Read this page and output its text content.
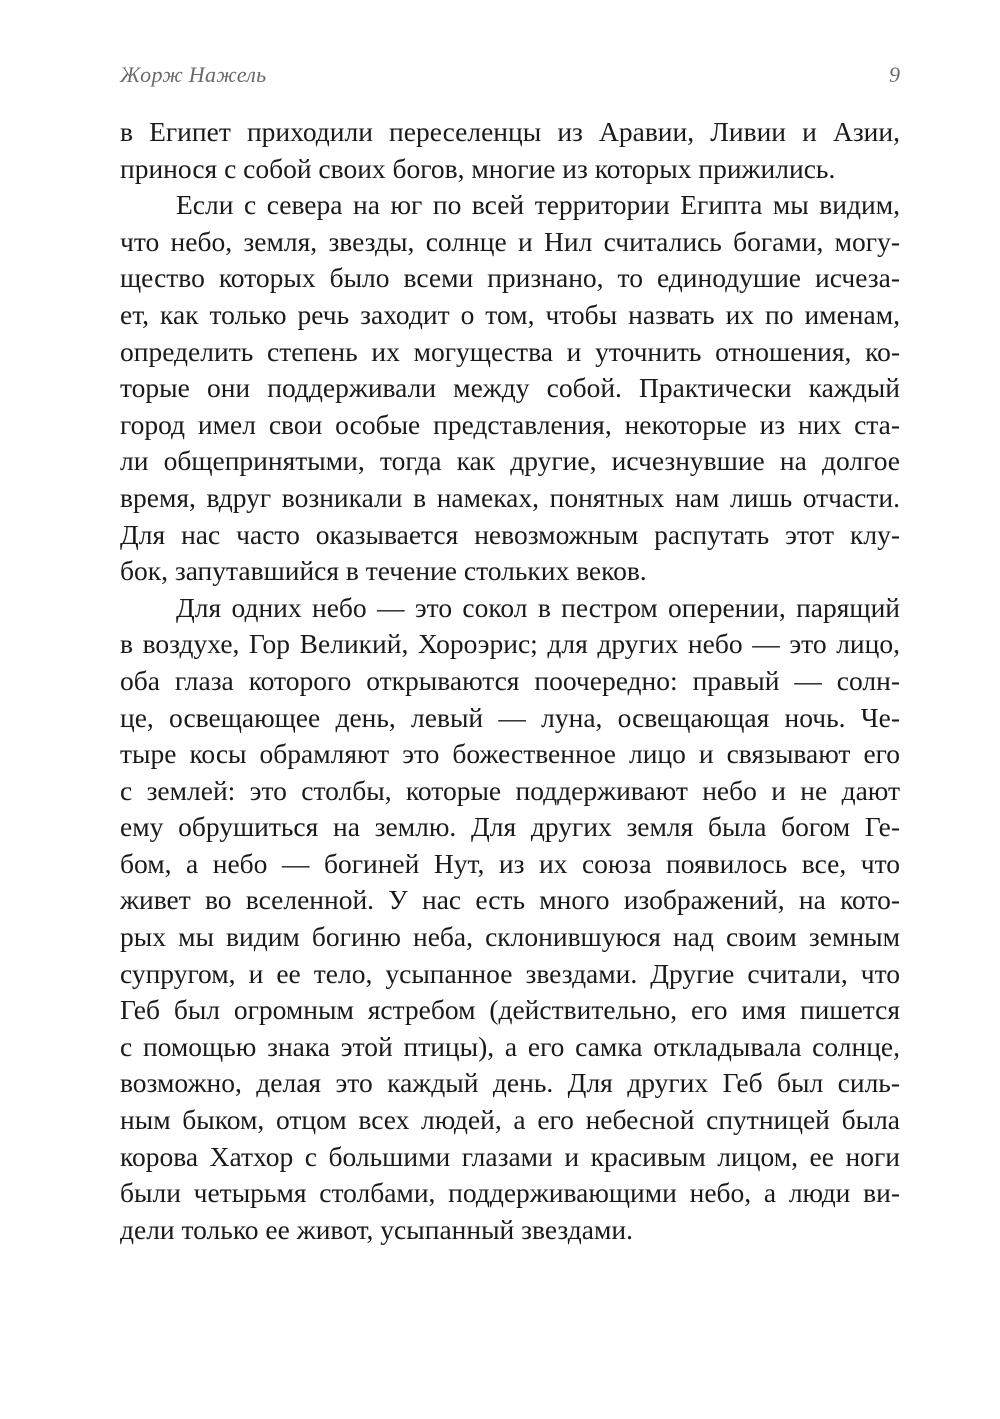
Жорж Нажель	9
в Египет приходили переселенцы из Аравии, Ливии и Азии,
принося с собой своих богов, многие из которых прижились.
Если с севера на юг по всей территории Египта мы видим,
что небо, земля, звезды, солнце и Нил считались богами, могу-
щество которых было всеми признано, то единодушие исчеза-
ет, как только речь заходит о том, чтобы назвать их по именам,
определить степень их могущества и уточнить отношения, ко-
торые они поддерживали между собой. Практически каждый
город имел свои особые представления, некоторые из них ста-
ли общепринятыми, тогда как другие, исчезнувшие на долгое
время, вдруг возникали в намеках, понятных нам лишь отчасти.
Для нас часто оказывается невозможным распутать этот клу-
бок, запутавшийся в течение стольких веков.
Для одних небо — это сокол в пестром оперении, парящий
в воздухе, Гор Великий, Хороэрис; для других небо — это лицо,
оба глаза которого открываются поочередно: правый — солн-
це, освещающее день, левый — луна, освещающая ночь. Че-
тыре косы обрамляют это божественное лицо и связывают его
с землей: это столбы, которые поддерживают небо и не дают
ему обрушиться на землю. Для других земля была богом Ге-
бом, а небо — богиней Нут, из их союза появилось все, что
живет во вселенной. У нас есть много изображений, на кото-
рых мы видим богиню неба, склонившуюся над своим земным
супругом, и ее тело, усыпанное звездами. Другие считали, что
Геб был огромным ястребом (действительно, его имя пишется
с помощью знака этой птицы), а его самка откладывала солнце,
возможно, делая это каждый день. Для других Геб был силь-
ным быком, отцом всех людей, а его небесной спутницей была
корова Хатхор с большими глазами и красивым лицом, ее ноги
были четырьмя столбами, поддерживающими небо, а люди ви-
дели только ее живот, усыпанный звездами.
